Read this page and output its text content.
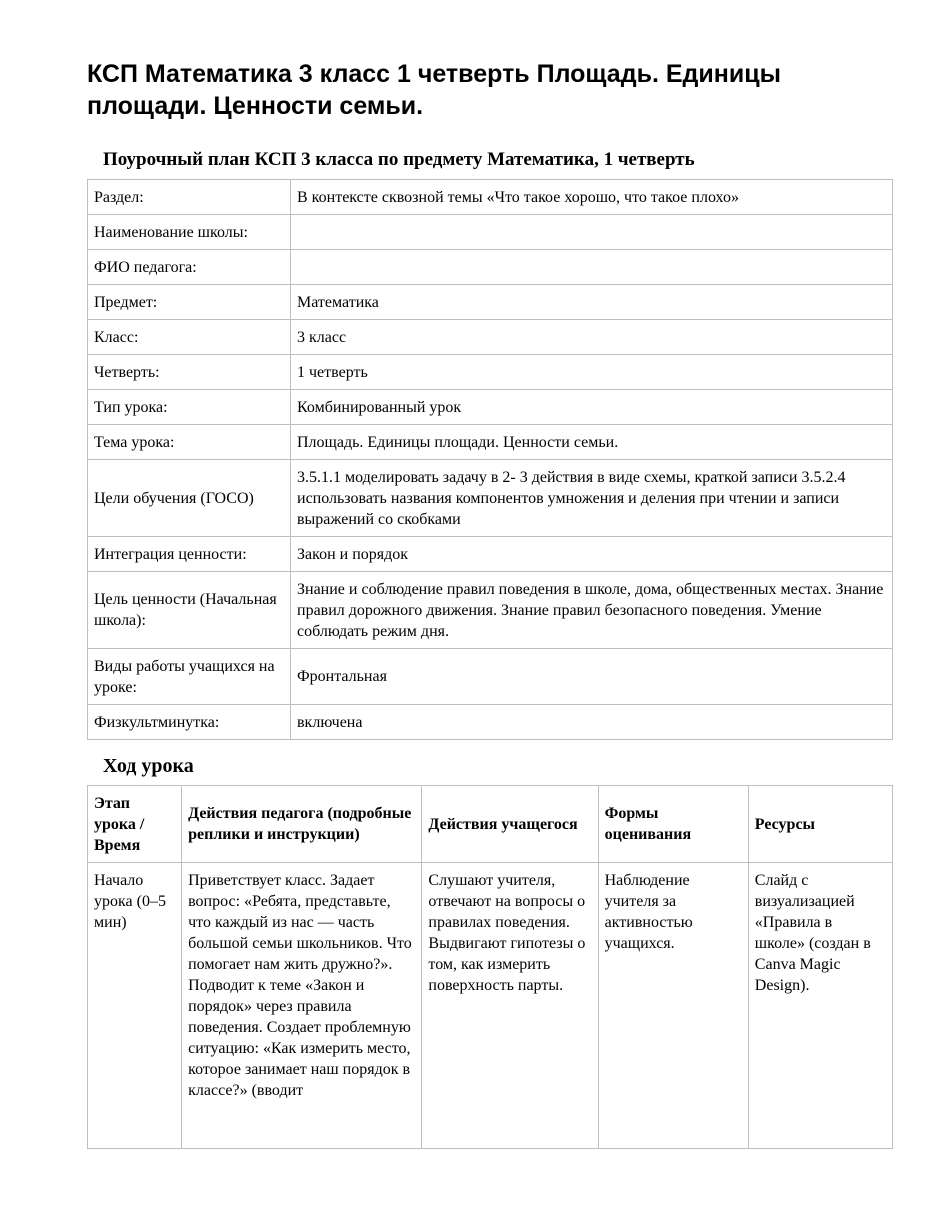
КСП Математика 3 класс 1 четверть Площадь. Единицы площади. Ценности семьи.
Поурочный план КСП 3 класса по предмету Математика, 1 четверть
Раздел:	В контексте сквозной темы «Что такое хорошо, что такое плохо»
Наименование школы:	
ФИО педагога:	
Предмет:	Математика
Класс:	3 класс
Четверть:	1 четверть
Тип урока:	Комбинированный урок
Тема урока:	Площадь. Единицы площади. Ценности семьи.
Цели обучения (ГОСО)	3.5.1.1 моделировать задачу в 2- 3 действия в виде схемы, краткой записи 3.5.2.4 использовать названия компонентов умножения и деления при чтении и записи выражений со скобками
Интеграция ценности:	Закон и порядок
Цель ценности (Начальная школа):	Знание и соблюдение правил поведения в школе, дома, общественных местах. Знание правил дорожного движения. Знание правил безопасного поведения. Умение соблюдать режим дня.
Виды работы учащихся на уроке:	Фронтальная
Физкультминутка:	включена
Ход урока
Этап урока / Время	Действия педагога (подробные реплики и инструкции)	Действия учащегося	Формы оценивания	Ресурсы
Начало урока (0–5 мин)	Приветствует класс. Задает вопрос: «Ребята, представьте, что каждый из нас — часть большой семьи школьников. Что помогает нам жить дружно?». Подводит к теме «Закон и порядок» через правила поведения. Создает проблемную ситуацию: «Как измерить место, которое занимает наш порядок в классе?» (вводит	Слушают учителя, отвечают на вопросы о правилах поведения. Выдвигают гипотезы о том, как измерить поверхность парты.	Наблюдение учителя за активностью учащихся.	Слайд с визуализацией «Правила в школе» (создан в Canva Magic Design).
